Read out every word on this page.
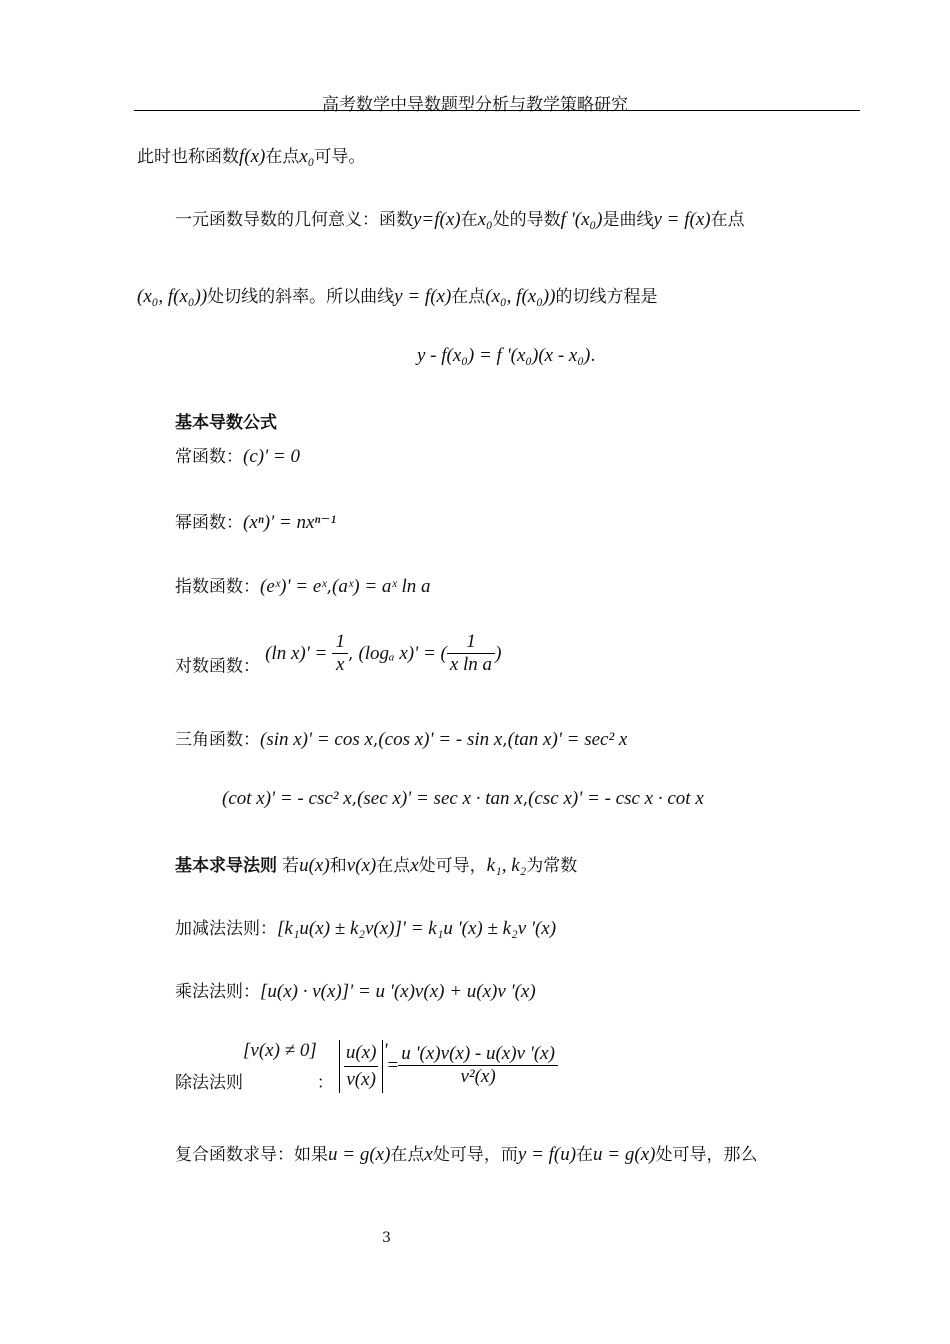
高考数学中导数题型分析与教学策略研究
此时也称函数f(x)在点x₀可导。
一元函数导数的几何意义：函数y=f(x)在x₀处的导数f '(x₀)是曲线y = f(x)在点
(x₀, f(x₀))处切线的斜率。所以曲线y = f(x)在点(x₀, f(x₀))的切线方程是
y - f(x₀) = f '(x₀)(x - x₀).
基本导数公式
常函数：(c)' = 0
幂函数：(xⁿ)' = nxⁿ⁻¹
指数函数：(eˣ)' = eˣ,(aˣ) = aˣ ln a
对数函数： (ln $x)' = \frac{1}{x}$ , (logₐ x)' = ( $\frac{1}{\text{x ln a}}$ )
三角函数：(sin x)' = cos x,(cos x)' = - sin x,(tan x)' = sec² x
(cot x)' = - csc² x,(sec x)' = sec x · tan x,(csc x)' = - csc x · cot x
基本求导法则 若u(x)和v(x)在点x处可导，k₁, k₂为常数
加减法法则：[k₁u(x) ± k₂v(x)]' = k₁u '(x) ± k₂v '(x)
乘法法则：[u(x) · v(x)]' = u '(x)v(x) + u(x)v '(x)
除法法则[v(x) ≠ 0]： $\frac{u(x)}{v(x)}$ '= $\frac{u '(x)v(x) - u(x)v '(x)}{\text{v²(x)}}$
复合函数求导：如果u = g(x)在点x处可导，而y = f(u)在u = g(x)处可导，那么
3
